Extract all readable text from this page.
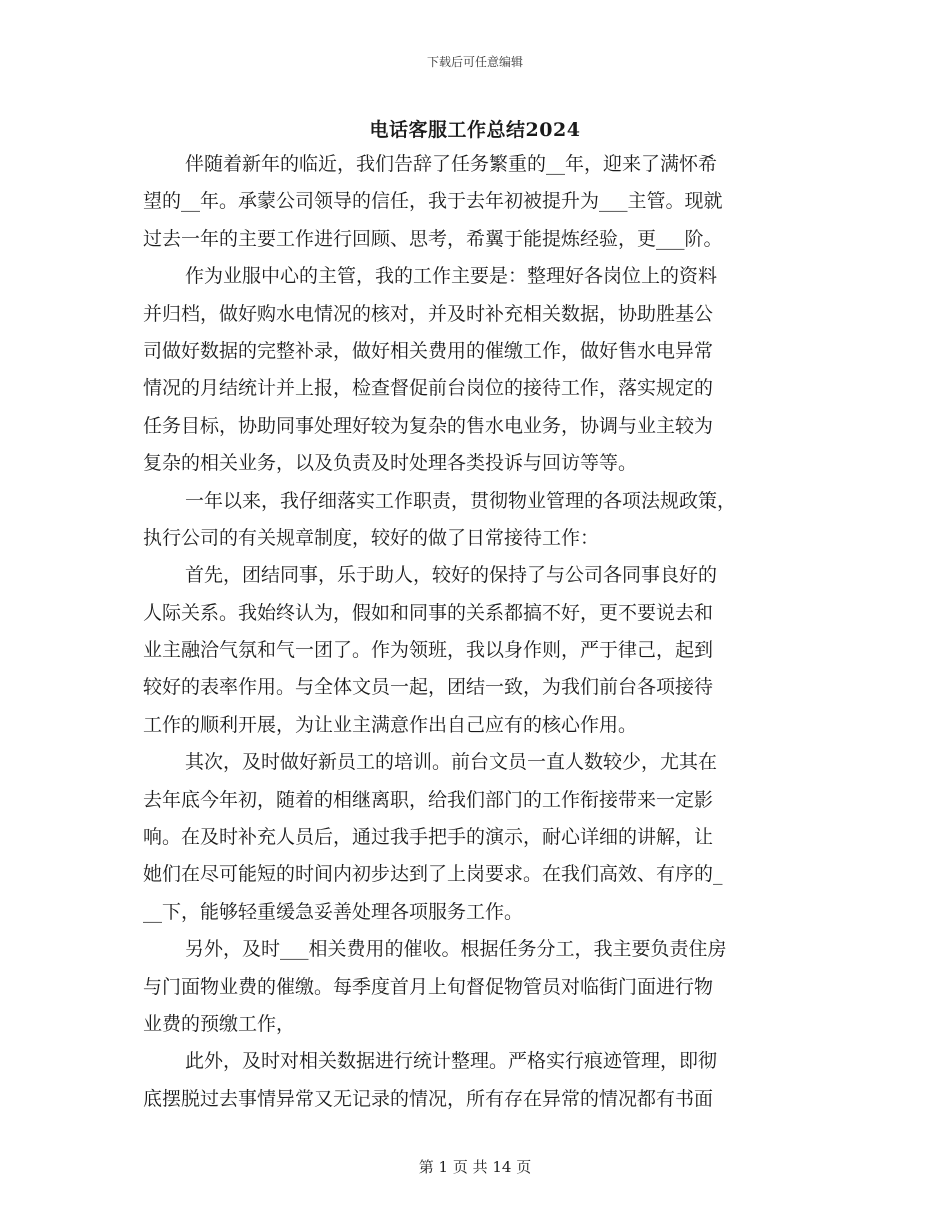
下载后可任意编辑
电话客服工作总结2024
伴随着新年的临近，我们告辞了任务繁重的__年，迎来了满怀希
望的__年。承蒙公司领导的信任，我于去年初被提升为___主管。现就
过去一年的主要工作进行回顾、思考，希翼于能提炼经验，更___阶。
作为业服中心的主管，我的工作主要是：整理好各岗位上的资料
并归档，做好购水电情况的核对，并及时补充相关数据，协助胜基公
司做好数据的完整补录，做好相关费用的催缴工作，做好售水电异常
情况的月结统计并上报，检查督促前台岗位的接待工作，落实规定的
任务目标，协助同事处理好较为复杂的售水电业务，协调与业主较为
复杂的相关业务，以及负责及时处理各类投诉与回访等等。
一年以来，我仔细落实工作职责，贯彻物业管理的各项法规政策，
执行公司的有关规章制度，较好的做了日常接待工作：
首先，团结同事，乐于助人，较好的保持了与公司各同事良好的
人际关系。我始终认为，假如和同事的关系都搞不好，更不要说去和
业主融洽气氛和气一团了。作为领班，我以身作则，严于律己，起到
较好的表率作用。与全体文员一起，团结一致，为我们前台各项接待
工作的顺利开展，为让业主满意作出自己应有的核心作用。
其次，及时做好新员工的培训。前台文员一直人数较少，尤其在
去年底今年初，随着的相继离职，给我们部门的工作衔接带来一定影
响。在及时补充人员后，通过我手把手的演示，耐心详细的讲解，让
她们在尽可能短的时间内初步达到了上岗要求。在我们高效、有序的_
__下，能够轻重缓急妥善处理各项服务工作。
另外，及时___相关费用的催收。根据任务分工，我主要负责住房
与门面物业费的催缴。每季度首月上旬督促物管员对临街门面进行物
业费的预缴工作，
此外，及时对相关数据进行统计整理。严格实行痕迹管理，即彻
底摆脱过去事情异常又无记录的情况，所有存在异常的情况都有书面
第 1 页 共 14 页
